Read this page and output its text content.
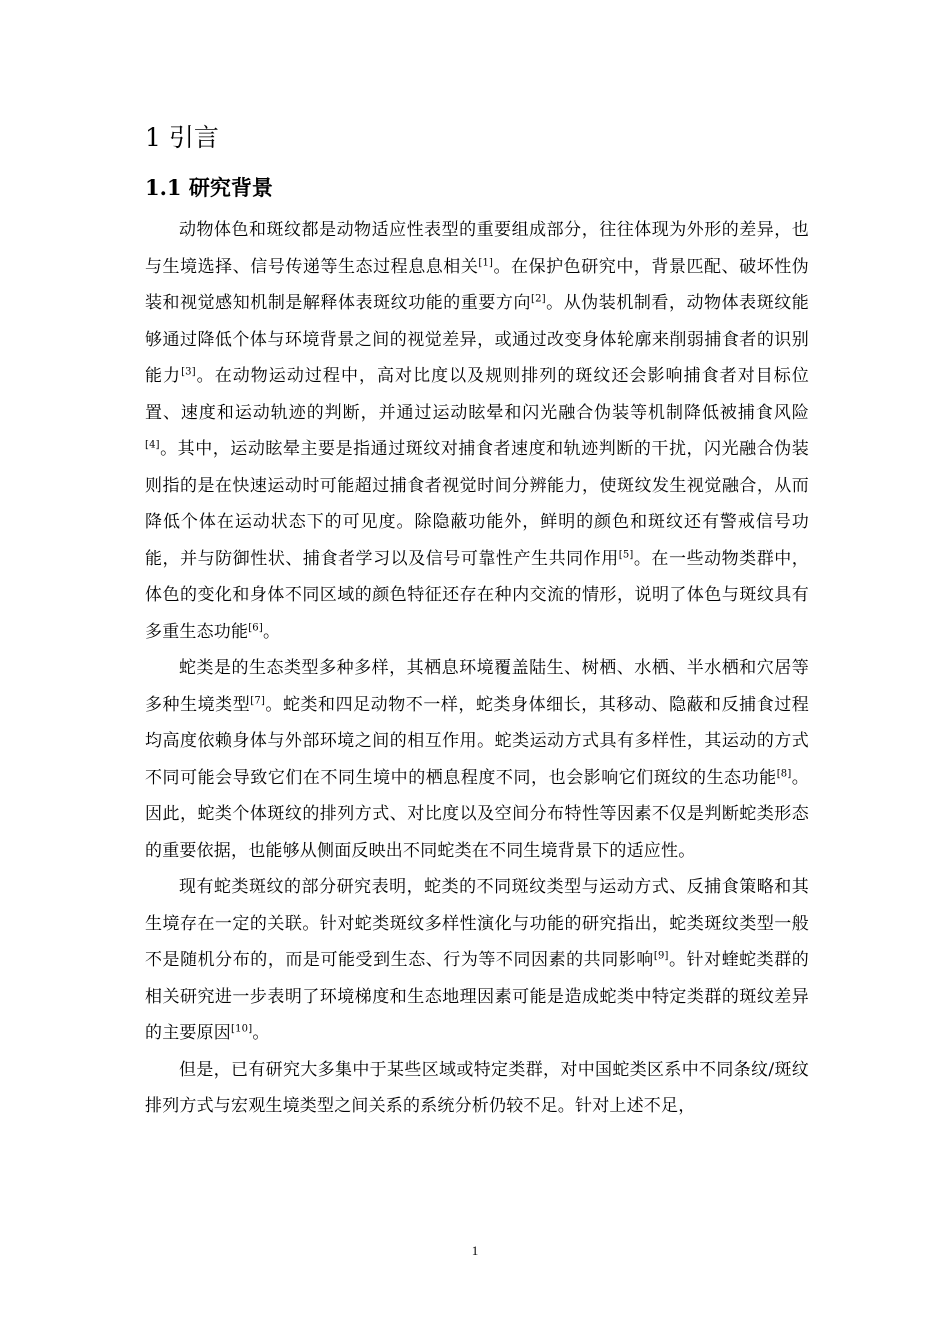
1 引言
1.1 研究背景

动物体色和斑纹都是动物适应性表型的重要组成部分，往往体现为外形的差异，也与生境选择、信号传递等生态过程息息相关[1]。在保护色研究中，背景匹配、破坏性伪装和视觉感知机制是解释体表斑纹功能的重要方向[2]。从伪装机制看，动物体表斑纹能够通过降低个体与环境背景之间的视觉差异，或通过改变身体轮廓来削弱捕食者的识别能力[3]。在动物运动过程中，高对比度以及规则排列的斑纹还会影响捕食者对目标位置、速度和运动轨迹的判断，并通过运动眩晕和闪光融合伪装等机制降低被捕食风险[4]。其中，运动眩晕主要是指通过斑纹对捕食者速度和轨迹判断的干扰，闪光融合伪装则指的是在快速运动时可能超过捕食者视觉时间分辨能力，使斑纹发生视觉融合，从而降低个体在运动状态下的可见度。除隐蔽功能外，鲜明的颜色和斑纹还有警戒信号功能，并与防御性状、捕食者学习以及信号可靠性产生共同作用[5]。在一些动物类群中，体色的变化和身体不同区域的颜色特征还存在种内交流的情形，说明了体色与斑纹具有多重生态功能[6]。

蛇类是的生态类型多种多样，其栖息环境覆盖陆生、树栖、水栖、半水栖和穴居等多种生境类型[7]。蛇类和四足动物不一样，蛇类身体细长，其移动、隐蔽和反捕食过程均高度依赖身体与外部环境之间的相互作用。蛇类运动方式具有多样性，其运动的方式不同可能会导致它们在不同生境中的栖息程度不同，也会影响它们斑纹的生态功能[8]。因此，蛇类个体斑纹的排列方式、对比度以及空间分布特性等因素不仅是判断蛇类形态的重要依据，也能够从侧面反映出不同蛇类在不同生境背景下的适应性。

现有蛇类斑纹的部分研究表明，蛇类的不同斑纹类型与运动方式、反捕食策略和其生境存在一定的关联。针对蛇类斑纹多样性演化与功能的研究指出，蛇类斑纹类型一般不是随机分布的，而是可能受到生态、行为等不同因素的共同影响[9]。针对蝰蛇类群的相关研究进一步表明了环境梯度和生态地理因素可能是造成蛇类中特定类群的斑纹差异的主要原因[10]。

但是，已有研究大多集中于某些区域或特定类群，对中国蛇类区系中不同条纹/斑纹排列方式与宏观生境类型之间关系的系统分析仍较不足。针对上述不足，

1
